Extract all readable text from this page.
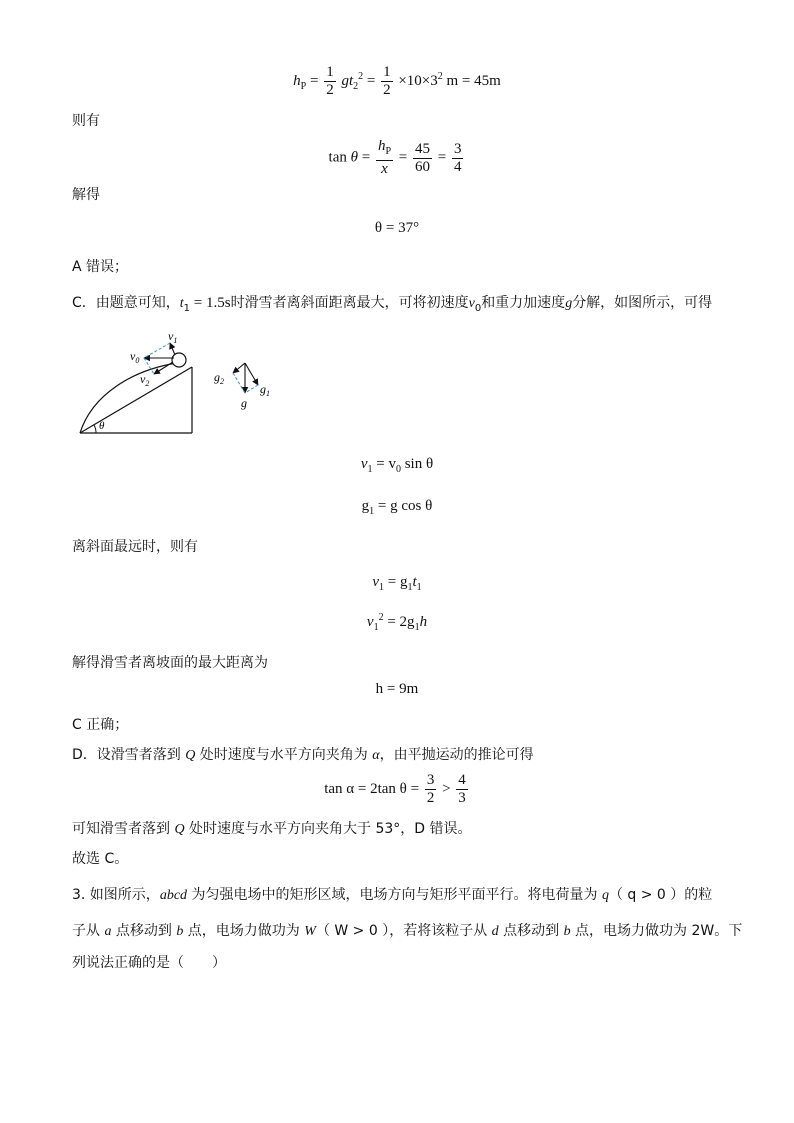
$h_P = \frac{1}{2} gt_2^2 = \frac{1}{2} \times 10\times 3^2$ m = 45m
则有
$\tan \theta = \frac{h_P}{x} = \frac{45}{60} = \frac{3}{4}$
解得
θ = 37°
A 错误；
C．由题意可知，$t_1 = 1.5s$时滑雪者离斜面距离最大，可将初速度$v_0$和重力加速度g分解，如图所示，可得
θ
$v_1$
$v_0$
$v_2$	$g_2$
$g_1$
g
$v_1 = v_0$ sin θ
$g_1 = g$ cos θ
离斜面最远时，则有
$v_1 = g_1t_1$
$v_1^2 = 2g_1h$
解得滑雪者离坡面的最大距离为
h = 9m
C 正确；
D．设滑雪者落到 Q 处时速度与水平方向夹角为 α，由平抛运动的推论可得
tan α = 2tan $\theta = \frac{3}{2} > \frac{4}{3}$
可知滑雪者落到 Q 处时速度与水平方向夹角大于 53°，D 错误。
故选 C。
3. 如图所示，abcd 为匀强电场中的矩形区域，电场方向与矩形平面平行。将电荷量为 q（ q > 0 ）的粒
子从 a 点移动到 b 点，电场力做功为 W（ W > 0 ），若将该粒子从 d 点移动到 b 点，电场力做功为 2W。下
列说法正确的是（　　）
